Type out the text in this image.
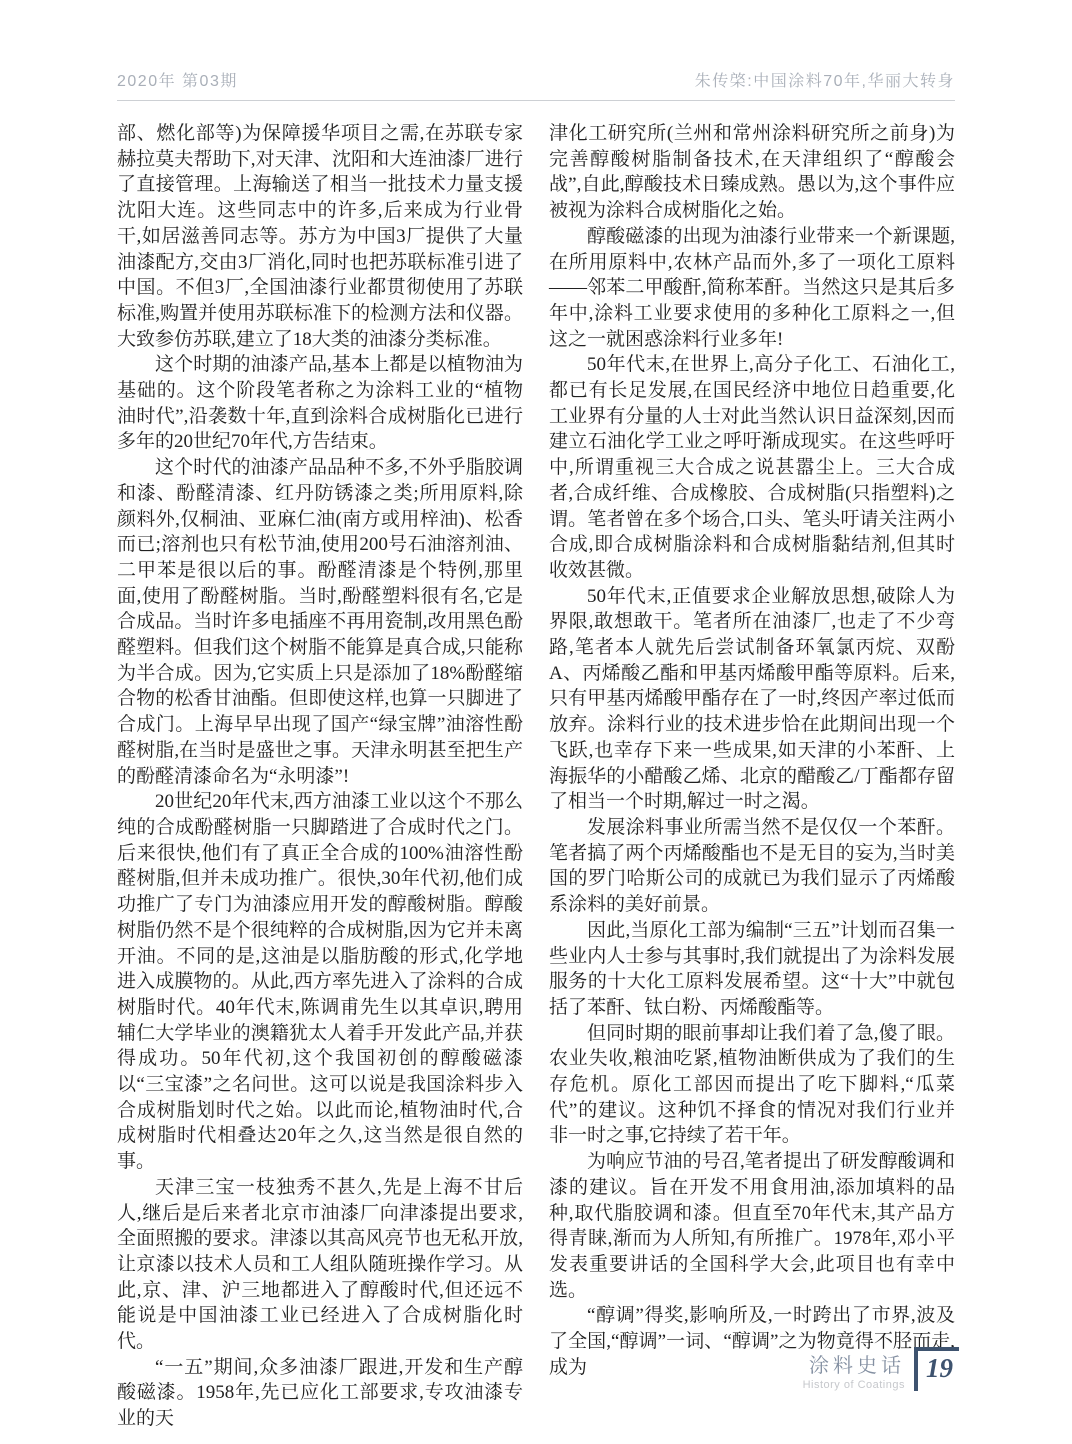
2020年 第03期	朱传棨:中国涂料70年,华丽大转身

部、燃化部等)为保障援华项目之需,在苏联专家赫拉莫夫帮助下,对天津、沈阳和大连油漆厂进行了直接管理。上海输送了相当一批技术力量支援沈阳大连。这些同志中的许多,后来成为行业骨干,如居滋善同志等。苏方为中国3厂提供了大量油漆配方,交由3厂消化,同时也把苏联标准引进了中国。不但3厂,全国油漆行业都贯彻使用了苏联标准,购置并使用苏联标准下的检测方法和仪器。大致参仿苏联,建立了18大类的油漆分类标准。

这个时期的油漆产品,基本上都是以植物油为基础的。这个阶段笔者称之为涂料工业的“植物油时代”,沿袭数十年,直到涂料合成树脂化已进行多年的20世纪70年代,方告结束。

这个时代的油漆产品品种不多,不外乎脂胶调和漆、酚醛清漆、红丹防锈漆之类;所用原料,除颜料外,仅桐油、亚麻仁油(南方或用梓油)、松香而已;溶剂也只有松节油,使用200号石油溶剂油、二甲苯是很以后的事。酚醛清漆是个特例,那里面,使用了酚醛树脂。当时,酚醛塑料很有名,它是合成品。当时许多电插座不再用瓷制,改用黑色酚醛塑料。但我们这个树脂不能算是真合成,只能称为半合成。因为,它实质上只是添加了18%酚醛缩合物的松香甘油酯。但即使这样,也算一只脚进了合成门。上海早早出现了国产“绿宝牌”油溶性酚醛树脂,在当时是盛世之事。天津永明甚至把生产的酚醛清漆命名为“永明漆”!

20世纪20年代末,西方油漆工业以这个不那么纯的合成酚醛树脂一只脚踏进了合成时代之门。后来很快,他们有了真正全合成的100%油溶性酚醛树脂,但并未成功推广。很快,30年代初,他们成功推广了专门为油漆应用开发的醇酸树脂。醇酸树脂仍然不是个很纯粹的合成树脂,因为它并未离开油。不同的是,这油是以脂肪酸的形式,化学地进入成膜物的。从此,西方率先进入了涂料的合成树脂时代。40年代末,陈调甫先生以其卓识,聘用辅仁大学毕业的澳籍犹太人着手开发此产品,并获得成功。50年代初,这个我国初创的醇酸磁漆以“三宝漆”之名问世。这可以说是我国涂料步入合成树脂划时代之始。以此而论,植物油时代,合成树脂时代相叠达20年之久,这当然是很自然的事。

天津三宝一枝独秀不甚久,先是上海不甘后人,继后是后来者北京市油漆厂向津漆提出要求,全面照搬的要求。津漆以其高风亮节也无私开放,让京漆以技术人员和工人组队随班操作学习。从此,京、津、沪三地都进入了醇酸时代,但还远不能说是中国油漆工业已经进入了合成树脂化时代。

“一五”期间,众多油漆厂跟进,开发和生产醇酸磁漆。1958年,先已应化工部要求,专攻油漆专业的天

津化工研究所(兰州和常州涂料研究所之前身)为完善醇酸树脂制备技术,在天津组织了“醇酸会战”,自此,醇酸技术日臻成熟。愚以为,这个事件应被视为涂料合成树脂化之始。

醇酸磁漆的出现为油漆行业带来一个新课题,在所用原料中,农林产品而外,多了一项化工原料——邻苯二甲酸酐,简称苯酐。当然这只是其后多年中,涂料工业要求使用的多种化工原料之一,但这之一就困惑涂料行业多年!

50年代末,在世界上,高分子化工、石油化工,都已有长足发展,在国民经济中地位日趋重要,化工业界有分量的人士对此当然认识日益深刻,因而建立石油化学工业之呼吁渐成现实。在这些呼吁中,所谓重视三大合成之说甚嚣尘上。三大合成者,合成纤维、合成橡胶、合成树脂(只指塑料)之谓。笔者曾在多个场合,口头、笔头吁请关注两小合成,即合成树脂涂料和合成树脂黏结剂,但其时收效甚微。

50年代末,正值要求企业解放思想,破除人为界限,敢想敢干。笔者所在油漆厂,也走了不少弯路,笔者本人就先后尝试制备环氧氯丙烷、双酚A、丙烯酸乙酯和甲基丙烯酸甲酯等原料。后来,只有甲基丙烯酸甲酯存在了一时,终因产率过低而放弃。涂料行业的技术进步恰在此期间出现一个飞跃,也幸存下来一些成果,如天津的小苯酐、上海振华的小醋酸乙烯、北京的醋酸乙/丁酯都存留了相当一个时期,解过一时之渴。

发展涂料事业所需当然不是仅仅一个苯酐。笔者搞了两个丙烯酸酯也不是无目的妄为,当时美国的罗门哈斯公司的成就已为我们显示了丙烯酸系涂料的美好前景。

因此,当原化工部为编制“三五”计划而召集一些业内人士参与其事时,我们就提出了为涂料发展服务的十大化工原料发展希望。这“十大”中就包括了苯酐、钛白粉、丙烯酸酯等。

但同时期的眼前事却让我们着了急,傻了眼。农业失收,粮油吃紧,植物油断供成为了我们的生存危机。原化工部因而提出了吃下脚料,“瓜菜代”的建议。这种饥不择食的情况对我们行业并非一时之事,它持续了若干年。

为响应节油的号召,笔者提出了研发醇酸调和漆的建议。旨在开发不用食用油,添加填料的品种,取代脂胶调和漆。但直至70年代末,其产品方得青睐,渐而为人所知,有所推广。1978年,邓小平发表重要讲话的全国科学大会,此项目也有幸中选。

“醇调”得奖,影响所及,一时跨出了市界,波及了全国,“醇调”一词、“醇调”之为物竟得不胫而走,成为	涂料史话
History of Coatings
19
